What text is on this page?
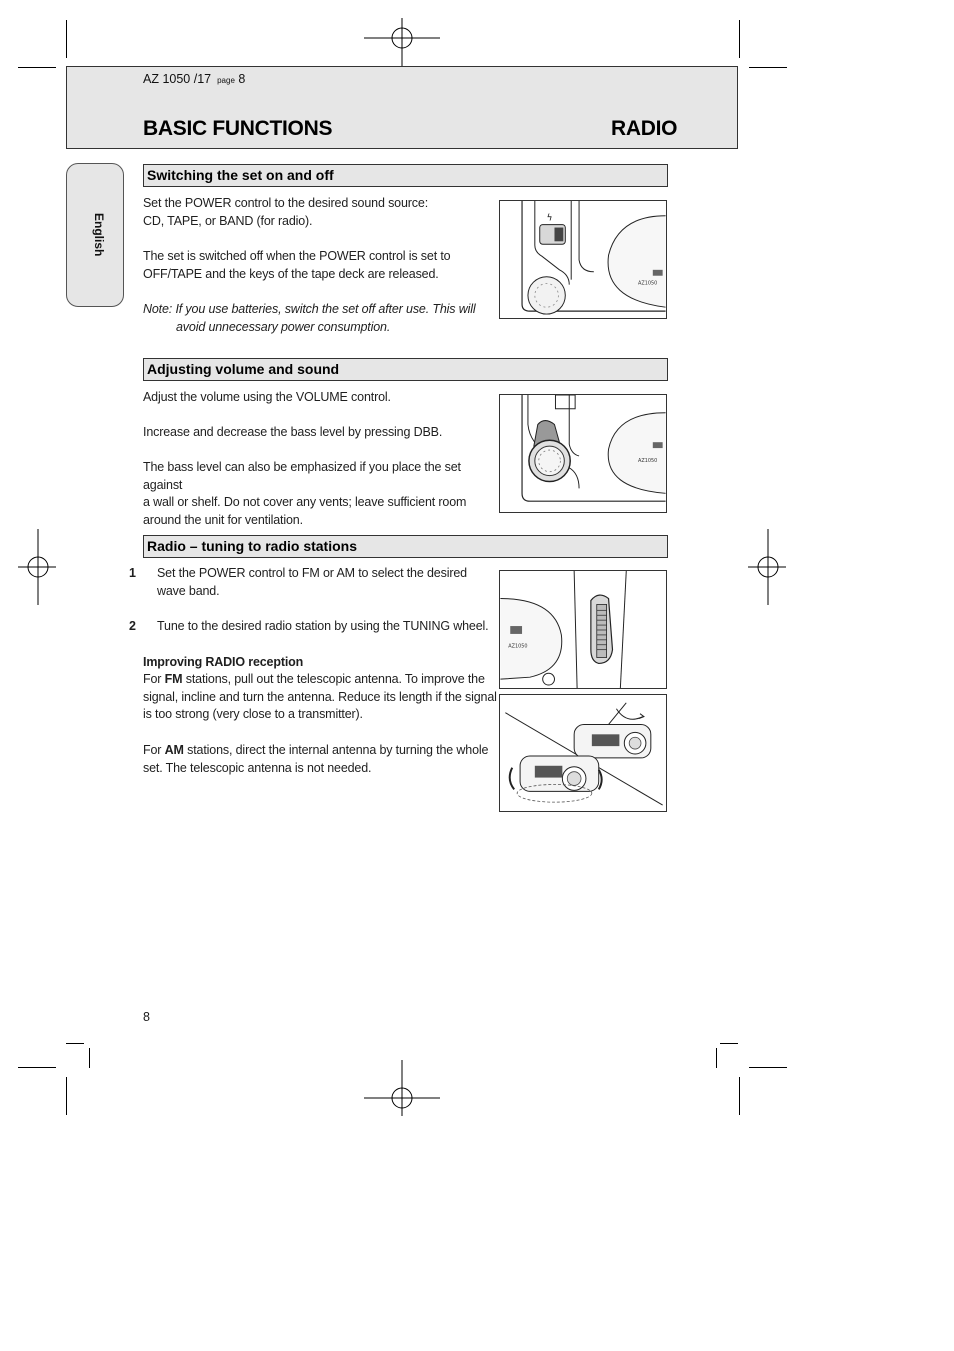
AZ 1050 /17 page 8
BASIC FUNCTIONS	RADIO
English
Switching the set on and off
Set the POWER control to the desired sound source:
CD, TAPE, or BAND (for radio).
The set is switched off when the POWER control is set to
OFF/TAPE and the keys of the tape deck are released.
Note: If you use batteries, switch the set off after use. This will
avoid unnecessary power consumption.
ϟ
AZ1050
Adjusting volume and sound
Adjust the volume using the VOLUME control.
Increase and decrease the bass level by pressing DBB.
The bass level can also be emphasized if you place the set against
a wall or shelf. Do not cover any vents; leave sufficient room
around the unit for ventilation.
AZ1050
Radio – tuning to radio stations
1 Set the POWER control to FM or AM to select the desired
wave band.
2 Tune to the desired radio station by using the TUNING wheel.
Improving RADIO reception
For FM stations, pull out the telescopic antenna. To improve the
signal, incline and turn the antenna. Reduce its length if the signal
is too strong (very close to a transmitter).
For AM stations, direct the internal antenna by turning the whole
set. The telescopic antenna is not needed.
AZ1050
8
